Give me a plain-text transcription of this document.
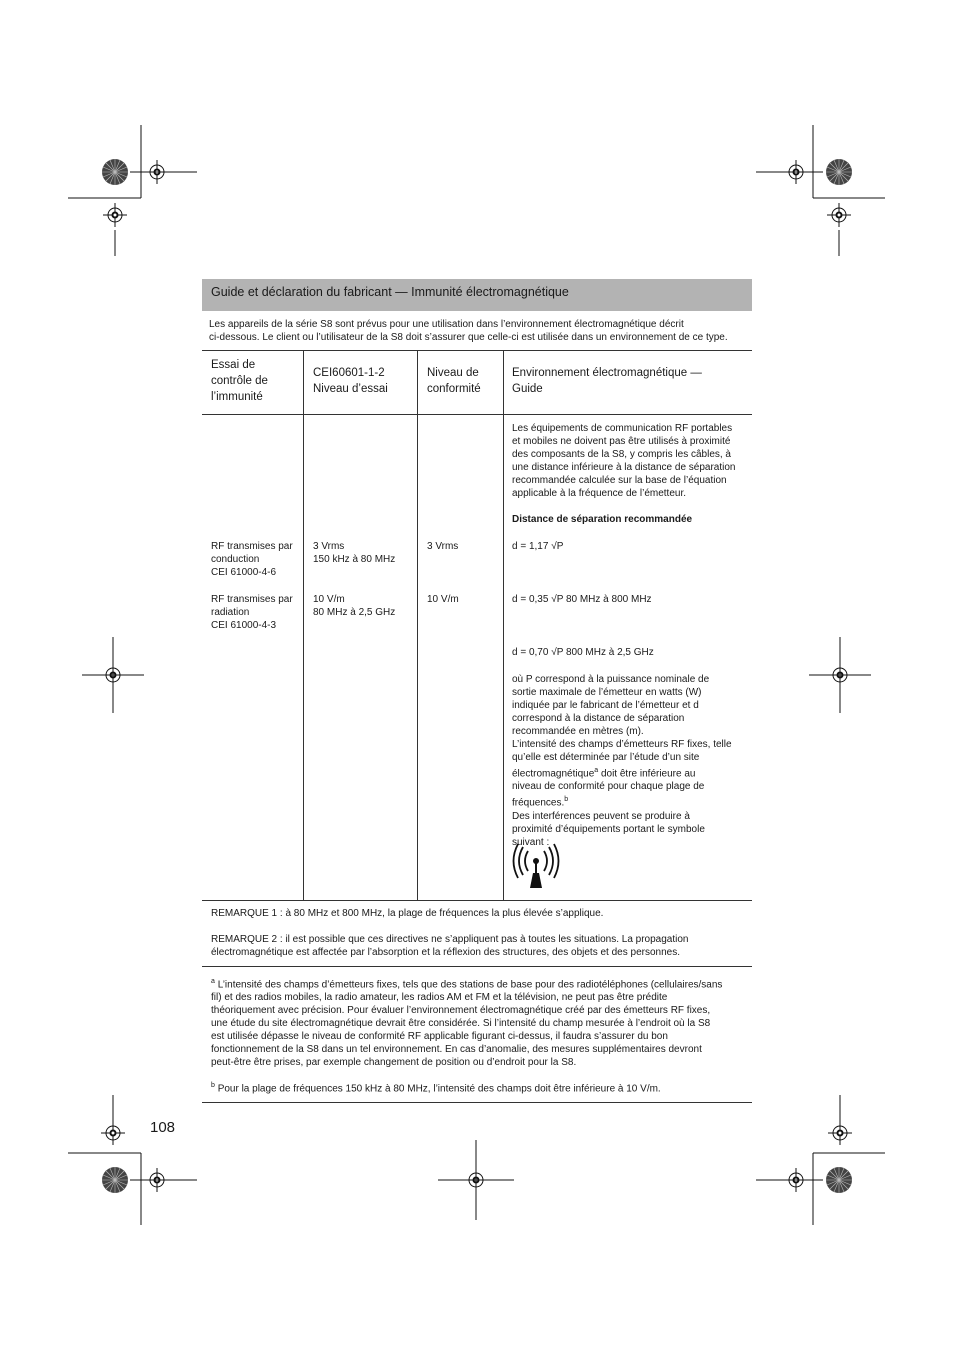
Guide et déclaration du fabricant — Immunité électromagnétique
Les appareils de la série S8 sont prévus pour une utilisation dans l’environnement électromagnétique décrit
ci-dessous. Le client ou l’utilisateur de la S8 doit s’assurer que celle-ci est utilisée dans un environnement de ce type.
Essai de
contrôle de
l’immunité
CEI60601-1-2
Niveau d’essai
Niveau de
conformité
Environnement électromagnétique —
Guide
Les équipements de communication RF portables
et mobiles ne doivent pas être utilisés à proximité
des composants de la S8, y compris les câbles, à
une distance inférieure à la distance de séparation
recommandée calculée sur la base de l’équation
applicable à la fréquence de l’émetteur.
Distance de séparation recommandée
RF transmises par
conduction
CEI 61000-4-6
3 Vrms
150 kHz à 80 MHz
3 Vrms	d = 1,17 √P
RF transmises par
radiation
CEI 61000-4-3
10 V/m
80 MHz à 2,5 GHz
10 V/m	d = 0,35 √P 80 MHz à 800 MHz
d = 0,70 √P 800 MHz à 2,5 GHz
où P correspond à la puissance nominale de
sortie maximale de l’émetteur en watts (W)
indiquée par le fabricant de l’émetteur et d
correspond à la distance de séparation
recommandée en mètres (m).
L’intensité des champs d’émetteurs RF fixes, telle
qu’elle est déterminée par l’étude d’un site
électromagnétique$^a$ doit être inférieure au
niveau de conformité pour chaque plage de
fréquences.$^b$
Des interférences peuvent se produire à
proximité d’équipements portant le symbole
suivant :
REMARQUE 1 : à 80 MHz et 800 MHz, la plage de fréquences la plus élevée s’applique.
REMARQUE 2 : il est possible que ces directives ne s’appliquent pas à toutes les situations. La propagation
électromagnétique est affectée par l’absorption et la réflexion des structures, des objets et des personnes.
$^a$ L’intensité des champs d’émetteurs fixes, tels que des stations de base pour des radiotéléphones (cellulaires/sans
fil) et des radios mobiles, la radio amateur, les radios AM et FM et la télévision, ne peut pas être prédite
théoriquement avec précision. Pour évaluer l’environnement électromagnétique créé par des émetteurs RF fixes,
une étude du site électromagnétique devrait être considérée. Si l’intensité du champ mesurée à l’endroit où la S8
est utilisée dépasse le niveau de conformité RF applicable figurant ci-dessus, il faudra s’assurer du bon
fonctionnement de la S8 dans un tel environnement. En cas d’anomalie, des mesures supplémentaires devront
peut-être être prises, par exemple changement de position ou d’endroit pour la S8.
$^b$ Pour la plage de fréquences 150 kHz à 80 MHz, l’intensité des champs doit être inférieure à 10 V/m.
108
